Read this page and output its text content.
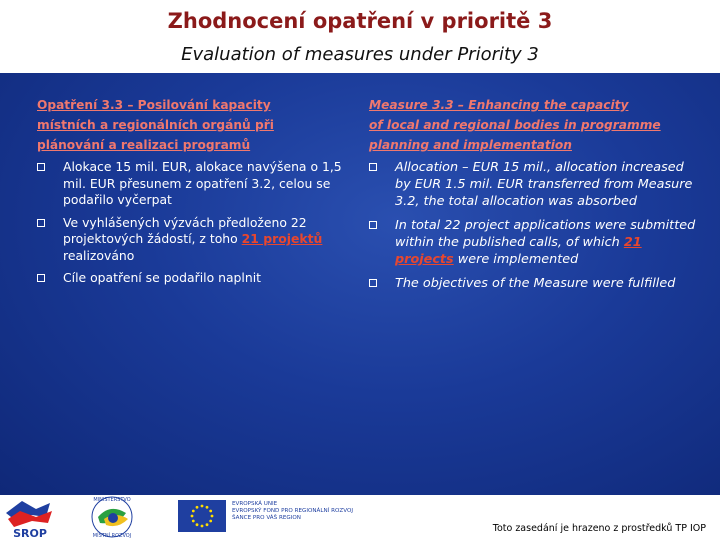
Zhodnocení opatření v prioritě 3
Evaluation of measures under Priority 3
Opatření 3.3 – Posilování kapacity
místních a regionálních orgánů při
plánování a realizaci programů
Alokace 15 mil. EUR, alokace navýšena o 1,5 mil. EUR přesunem z opatření 3.2, celou se podařilo vyčerpat
Ve vyhlášených výzvách předloženo 22 projektových žádostí, z toho 21 projektů realizováno
Cíle opatření se podařilo naplnit
Measure 3.3 – Enhancing the capacity
of local and regional bodies in programme
planning and implementation
Allocation – EUR 15 mil., allocation increased by EUR 1.5 mil. EUR transferred from Measure 3.2, the total allocation was absorbed
In total 22 project applications were submitted within the published calls, of which 21 projects were implemented
The objectives of the Measure were fulfilled
SROP
MINISTERSTVO
MÍSTNÍ ROZVOJ
EVROPSKÁ UNIE
EVROPSKÝ FOND PRO REGIONÁLNÍ ROZVOJ
ŠANCE PRO VÁŠ REGION
Toto zasedání je hrazeno z prostředků TP IOP
